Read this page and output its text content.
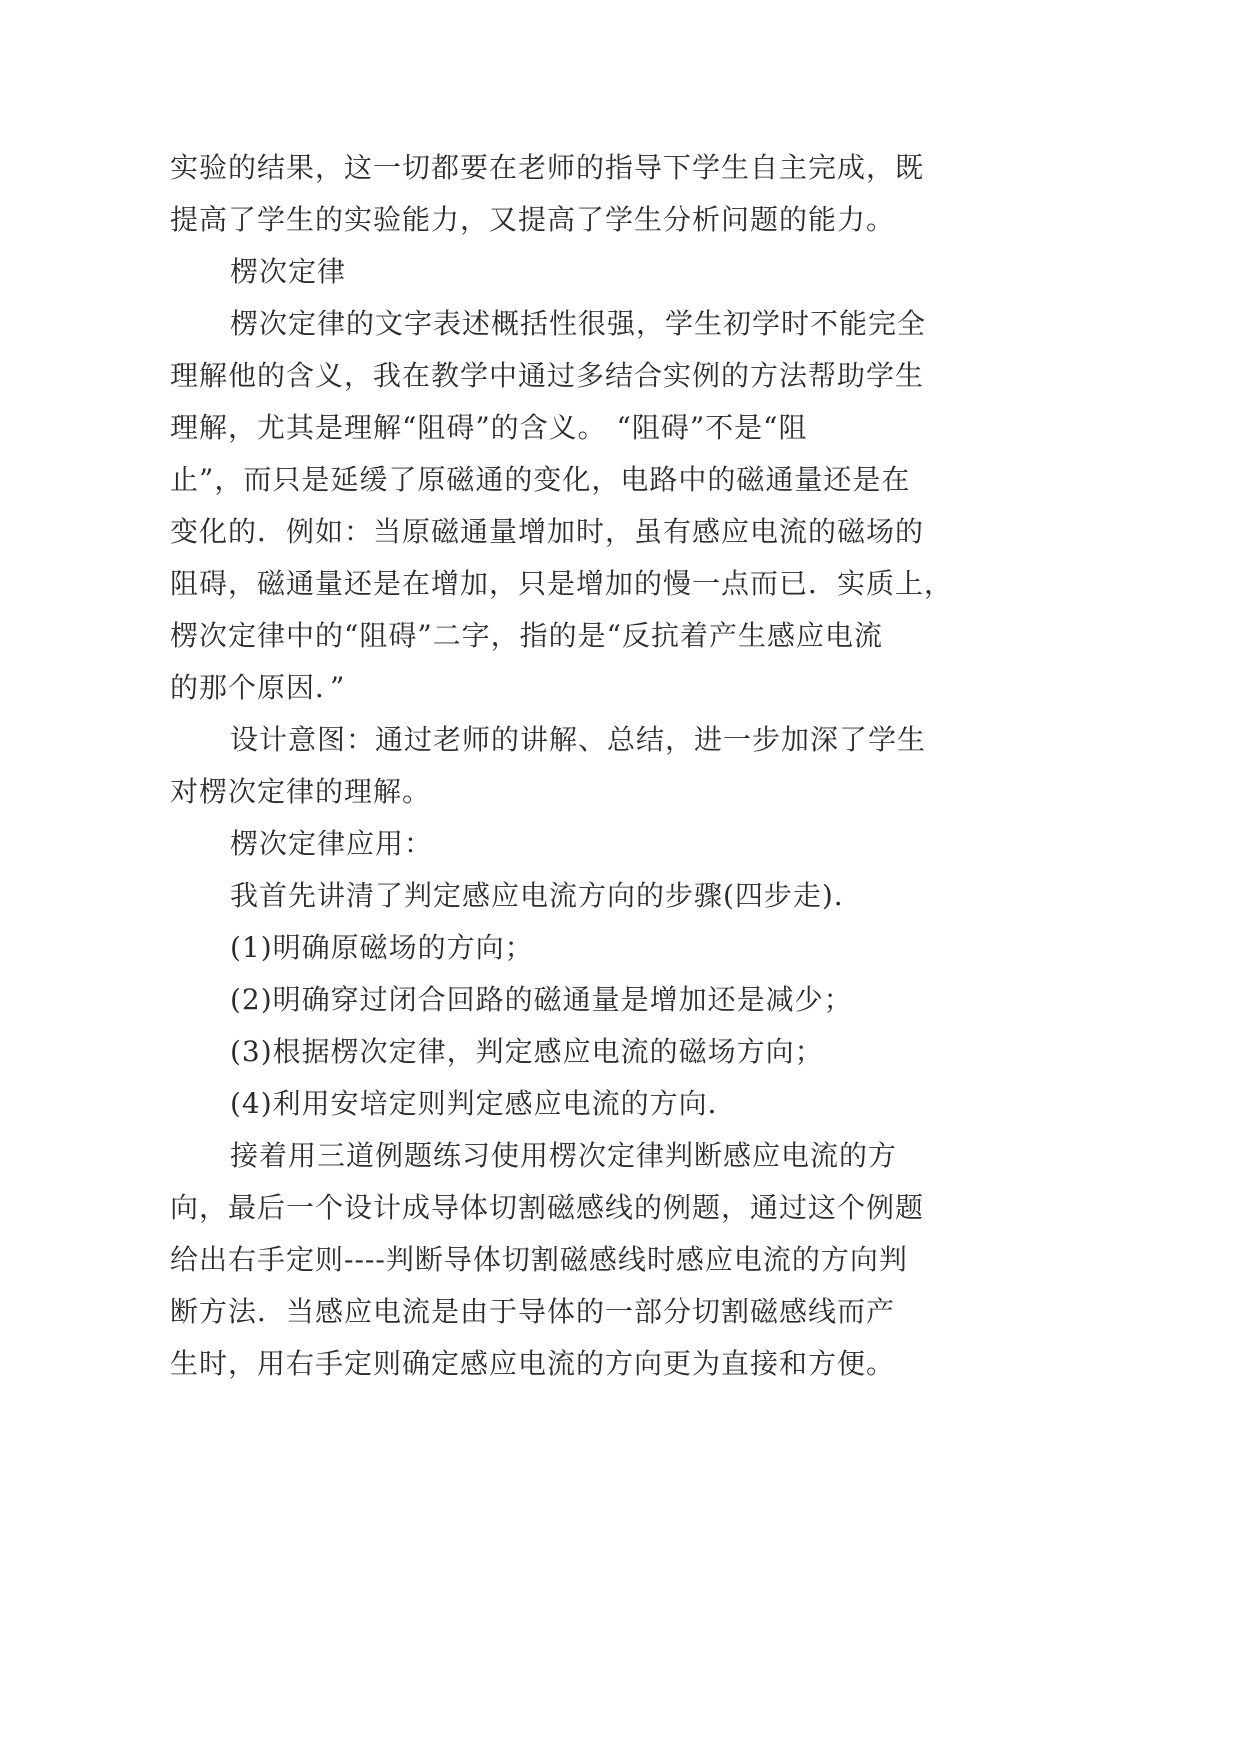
实验的结果，这一切都要在老师的指导下学生自主完成，既
提高了学生的实验能力，又提高了学生分析问题的能力。
楞次定律
楞次定律的文字表述概括性很强，学生初学时不能完全
理解他的含义，我在教学中通过多结合实例的方法帮助学生
理解，尤其是理解“阻碍”的含义。 “阻碍”不是“阻
止”，而只是延缓了原磁通的变化，电路中的磁通量还是在
变化的．例如：当原磁通量增加时，虽有感应电流的磁场的
阻碍，磁通量还是在增加，只是增加的慢一点而已．实质上，
楞次定律中的“阻碍”二字，指的是“反抗着产生感应电流
的那个原因．”
设计意图：通过老师的讲解、总结，进一步加深了学生
对楞次定律的理解。
楞次定律应用：
我首先讲清了判定感应电流方向的步骤(四步走)．
(1)明确原磁场的方向；
(2)明确穿过闭合回路的磁通量是增加还是减少；
(3)根据楞次定律，判定感应电流的磁场方向；
(4)利用安培定则判定感应电流的方向．
接着用三道例题练习使用楞次定律判断感应电流的方
向，最后一个设计成导体切割磁感线的例题，通过这个例题
给出右手定则----判断导体切割磁感线时感应电流的方向判
断方法．当感应电流是由于导体的一部分切割磁感线而产
生时，用右手定则确定感应电流的方向更为直接和方便。
